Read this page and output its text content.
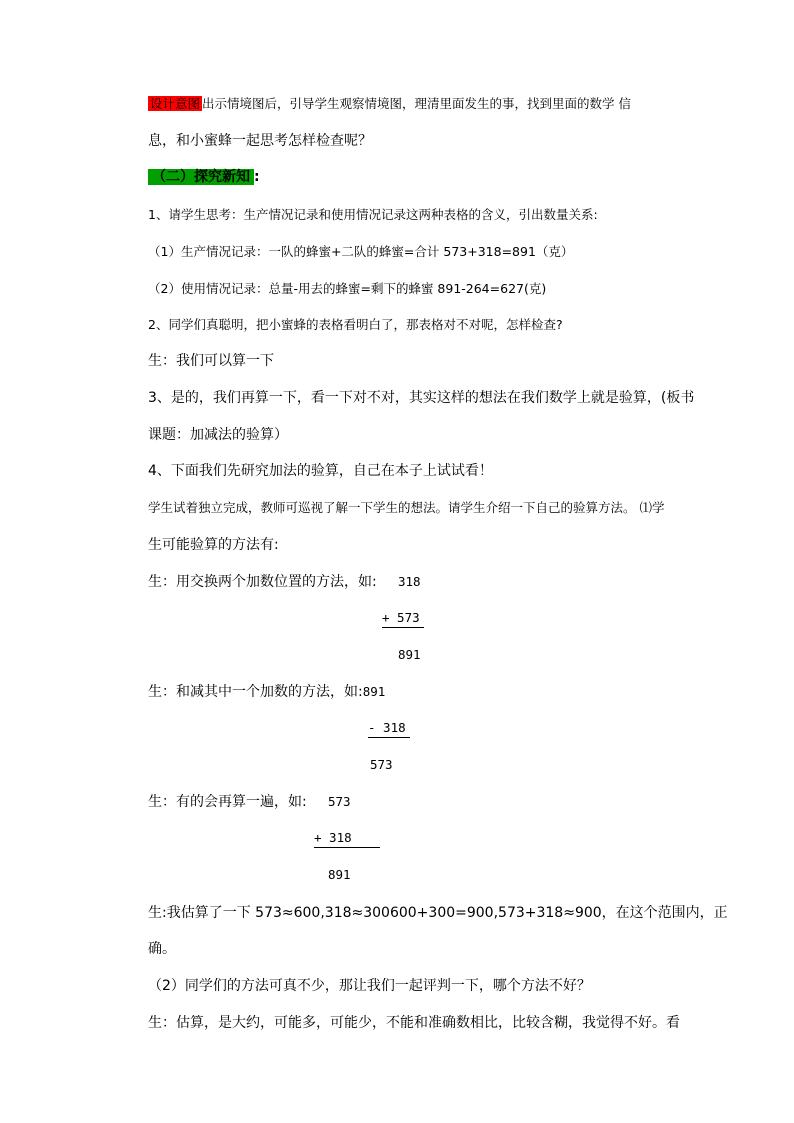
设计意图 出示情境图后，引导学生观察情境图，理清里面发生的事，找到里面的数学 信
息，和小蜜蜂一起思考怎样检查呢？
（二）探究新知 :
1、请学生思考：生产情况记录和使用情况记录这两种表格的含义，引出数量关系:
（1）生产情况记录：一队的蜂蜜+二队的蜂蜜=合计 573+318=891（克）
（2）使用情况记录：总量-用去的蜂蜜=剩下的蜂蜜 891-264=627(克)
2、同学们真聪明，把小蜜蜂的表格看明白了，那表格对不对呢，怎样检查?
生：我们可以算一下
3、是的，我们再算一下，看一下对不对，其实这样的想法在我们数学上就是验算，(板书
课题：加减法的验算）
4、下面我们先研究加法的验算，自己在本子上试试看！
学生试着独立完成，教师可巡视了解一下学生的想法。请学生介绍一下自己的验算方法。 ⑴学
生可能验算的方法有:
生：用交换两个加数位置的方法，如: 318
+ 573
891
生：和减其中一个加数的方法，如:891
- 318
573
生：有的会再算一遍，如: 573
+ 318
891
生:我估算了一下 573≈600,318≈300600+300=900,573+318≈900，在这个范围内，正
确。
（2）同学们的方法可真不少，那让我们一起评判一下，哪个方法不好？
生：估算，是大约，可能多，可能少，不能和准确数相比，比较含糊，我觉得不好。看
